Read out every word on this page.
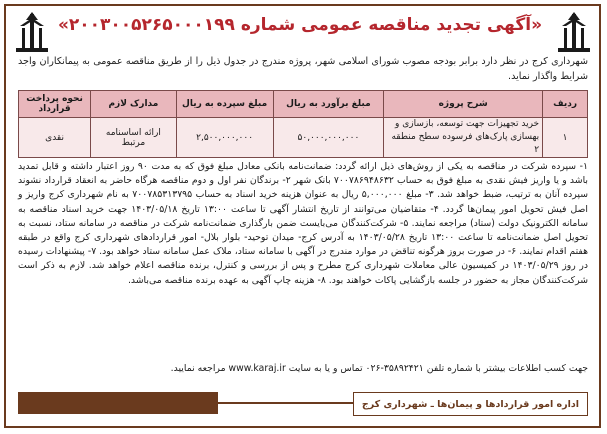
«آگهی تجدید مناقصه عمومی شماره ۲۰۰۳۰۰۵۲۶۵۰۰۰۱۹۹»
شهرداری کرج در نظر دارد برابر بودجه مصوب شورای اسلامی شهر، پروژه مندرج در جدول ذیل را از طریق مناقصه عمومی به پیمانکاران واجد شرایط واگذار نماید.
ردیف	شرح پروژه	مبلغ برآورد به ریال	مبلغ سپرده به ریال	مدارک لازم	نحوه پرداخت قرارداد
۱	خرید تجهیزات جهت توسعه، بازسازی و بهسازی پارک‌های فرسوده سطح منطقه ۲	۵۰,۰۰۰,۰۰۰,۰۰۰	۲,۵۰۰,۰۰۰,۰۰۰	ارائه اساسنامه مرتبط	نقدی
۱- سپرده شرکت در مناقصه به یکی از روش‌های ذیل ارائه گردد: ضمانت‌نامه بانکی معادل مبلغ فوق که به مدت ۹۰ روز اعتبار داشته و قابل تمدید باشد و یا واریز فیش نقدی به مبلغ فوق به حساب ۷۰۰۷۸۶۹۴۸۶۳۲ بانک شهر ۲- برندگان نفر اول و دوم مناقصه هرگاه حاضر به انعقاد قرارداد نشوند سپرده آنان به ترتیب، ضبط خواهد شد. ۳- مبلغ ۵,۰۰۰,۰۰۰ ریال به عنوان هزینه خرید اسناد به حساب ۷۰۰۷۸۵۳۱۳۷۹۵ به نام شهرداری کرج واریز و اصل فیش تحویل امور پیمان‌ها گردد. ۴- متقاضیان می‌توانند از تاریخ انتشار آگهی تا ساعت ۱۳:۰۰ تاریخ ۱۴۰۳/۰۵/۱۸ جهت خرید اسناد مناقصه به سامانه الکترونیک دولت (ستاد) مراجعه نمایند. ۵- شرکت‌کنندگان می‌بایست ضمن بارگذاری ضمانت‌نامه شرکت در مناقصه در سامانه ستاد، نسبت به تحویل اصل ضمانت‌نامه تا ساعت ۱۳:۰۰ تاریخ ۱۴۰۳/۰۵/۲۸ به آدرس کرج- میدان توحید- بلوار بلال- امور قراردادهای شهرداری کرج واقع در طبقه هفتم اقدام نمایند. ۶- در صورت بروز هرگونه تناقض در موارد مندرج در آگهی با سامانه ستاد، ملاک عمل سامانه ستاد خواهد بود. ۷- پیشنهادات رسیده در روز ۱۴۰۳/۰۵/۲۹ در کمیسیون عالی معاملات شهرداری کرج مطرح و پس از بررسی و کنترل، برنده مناقصه اعلام خواهد شد. لازم به ذکر است شرکت‌کنندگان مجاز به حضور در جلسه بازگشایی پاکات خواهند بود. ۸- هزینه چاپ آگهی به عهده برنده مناقصه می‌باشد.
جهت کسب اطلاعات بیشتر با شماره تلفن ۳۵۸۹۲۴۲۱-۰۲۶ تماس و یا به سایت www.karaj.ir مراجعه نمایید.
اداره امور قراردادها و پیمان‌ها ـ شهرداری کرج
